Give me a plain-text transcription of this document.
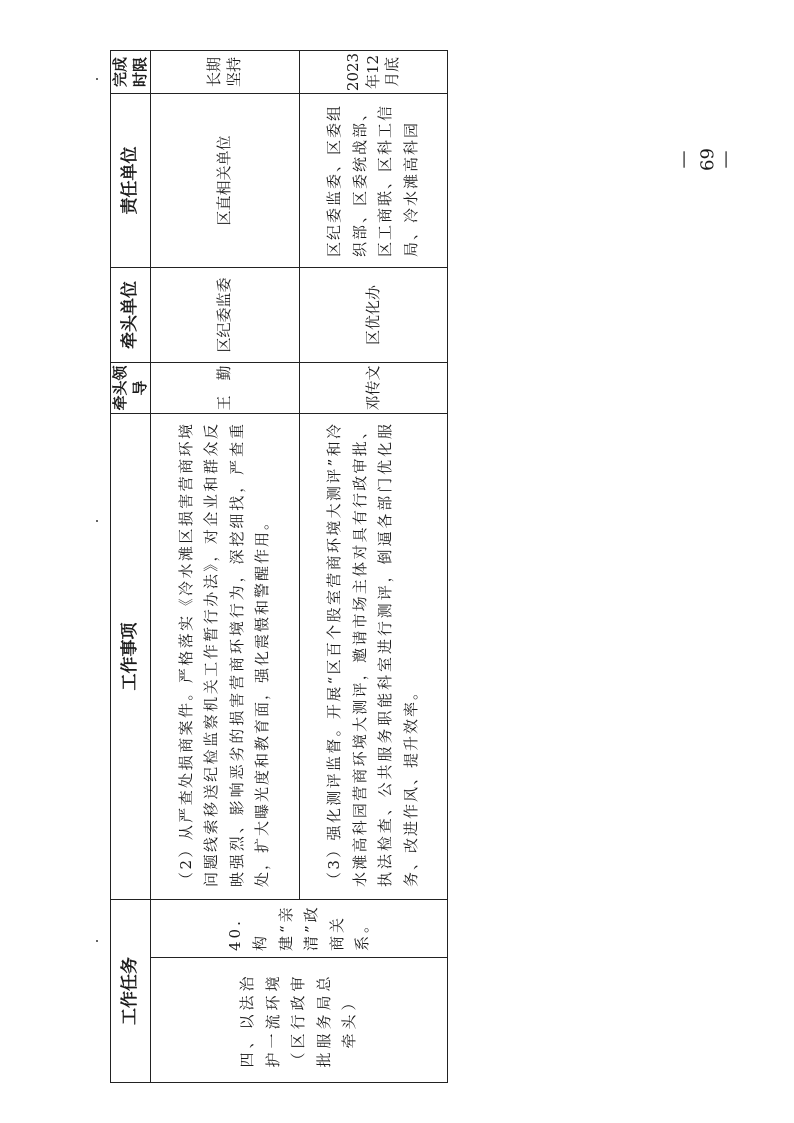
工作任务		工作事项	牵头领导	牵头单位	责任单位	完成时限

四、以法治护一流环境（区行政审批服务局总牵头）	40. 构建“亲清”政商关系。	（2）从严查处损商案件。严格落实《冷水滩区损害营商环境问题线索移送纪检监察机关工作暂行办法》，对企业和群众反映强烈、影响恶劣的损害营商环境行为，深挖细找，严查重处，扩大曝光度和教育面，强化震慑和警醒作用。	王　勤	区纪委监委	区直相关单位	长期坚持
		（3）强化测评监督。开展“区百个股室营商环境大测评”和冷水滩高科园营商环境大测评，邀请市场主体对具有行政审批、执法检查、公共服务职能科室进行测评，倒逼各部门优化服务、改进作风、提升效率。	邓传文	区优化办	区纪委监委、区委组织部、区委统战部、区工商联、区科工信局、冷水滩高科园	2023年12月底
— 69 —
